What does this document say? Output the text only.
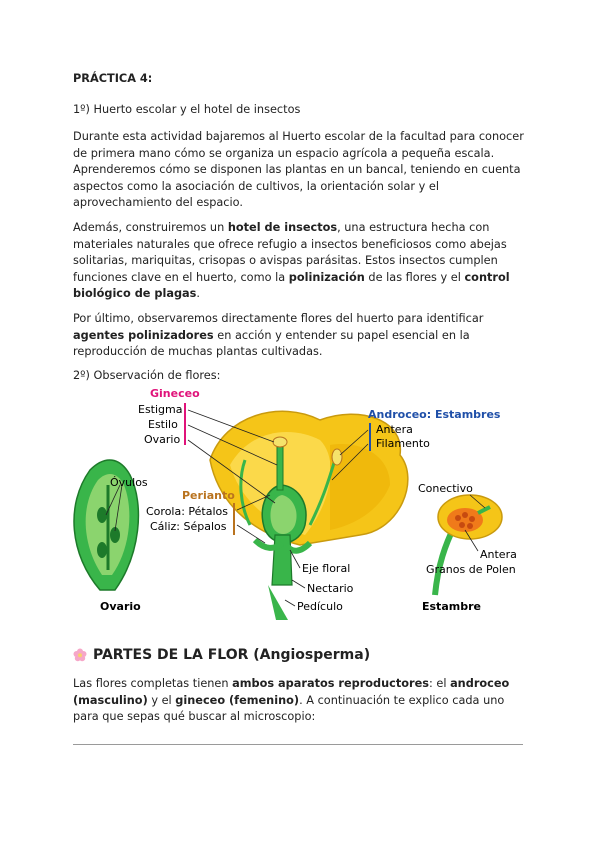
PRÁCTICA 4:
1º) Huerto escolar y el hotel de insectos

Durante esta actividad bajaremos al Huerto escolar de la facultad para conocer de primera mano cómo se organiza un espacio agrícola a pequeña escala. Aprenderemos cómo se disponen las plantas en un bancal, teniendo en cuenta aspectos como la asociación de cultivos, la orientación solar y el aprovechamiento del espacio.

Además, construiremos un hotel de insectos, una estructura hecha con materiales naturales que ofrece refugio a insectos beneficiosos como abejas solitarias, mariquitas, crisopas o avispas parásitas. Estos insectos cumplen funciones clave en el huerto, como la polinización de las flores y el control biológico de plagas.

Por último, observaremos directamente flores del huerto para identificar agentes polinizadores en acción y entender su papel esencial en la reproducción de muchas plantas cultivadas.

2º) Observación de flores:
Óvulos
Ovario
Gineceo
Estigma
Estilo
Ovario
Perianto
Corola: Pétalos
Cáliz: Sépalos
Androceo: Estambres
Antera
Filamento
Eje floral
Nectario
Pedículo
Conectivo
Antera
Granos de Polen
Estambre
PARTES DE LA FLOR (Angiosperma)

Las flores completas tienen ambos aparatos reproductores: el androceo (masculino) y el gineceo (femenino). A continuación te explico cada uno para que sepas qué buscar al microscopio:
